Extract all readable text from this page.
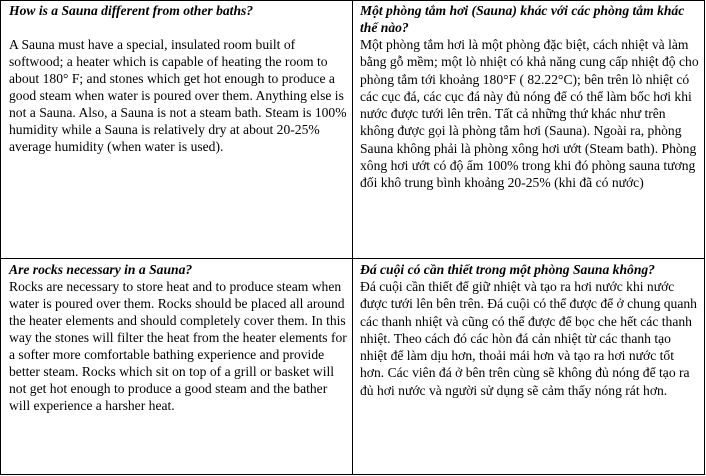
How is a Sauna different from other baths?

A Sauna must have a special, insulated room built of softwood; a heater which is capable of heating the room to about 180° F; and stones which get hot enough to produce a good steam when water is poured over them. Anything else is not a Sauna. Also, a Sauna is not a steam bath. Steam is 100% humidity while a Sauna is relatively dry at about 20-25% average humidity (when water is used).

Một phòng tắm hơi (Sauna) khác với các phòng tắm khác thế nào?

Một phòng tắm hơi là một phòng đặc biệt, cách nhiệt và làm bằng gỗ mềm; một lò nhiệt có khả năng cung cấp nhiệt độ cho phòng tắm tới khoảng 180°F ( 82.22°C); bên trên lò nhiệt có các cục đá, các cục đá này đủ nóng để có thể làm bốc hơi khi nước được tưới lên trên. Tất cả những thứ khác như trên không được gọi là phòng tắm hơi (Sauna). Ngoài ra, phòng Sauna không phải là phòng xông hơi ướt (Steam bath). Phòng xông hơi ướt có độ ẩm 100% trong khi đó phòng sauna tương đối khô trung bình khoảng 20-25% (khi đã có nước)

Are rocks necessary in a Sauna?

Rocks are necessary to store heat and to produce steam when water is poured over them. Rocks should be placed all around the heater elements and should completely cover them. In this way the stones will filter the heat from the heater elements for a softer more comfortable bathing experience and provide better steam. Rocks which sit on top of a grill or basket will not get hot enough to produce a good steam and the bather will experience a harsher heat.

Đá cuội có cần thiết trong một phòng Sauna không?

Đá cuội cần thiết để giữ nhiệt và tạo ra hơi nước khi nước được tưới lên bên trên. Đá cuội có thể được để ở chung quanh các thanh nhiệt và cũng có thể được để bọc che hết các thanh nhiệt. Theo cách đó các hòn đá cản nhiệt từ các thanh tạo nhiệt để làm dịu hơn, thoải mái hơn và tạo ra hơi nước tốt hơn. Các viên đá ở bên trên cùng sẽ không đủ nóng để tạo ra đủ hơi nước và người sử dụng sẽ cảm thấy nóng rát hơn.
